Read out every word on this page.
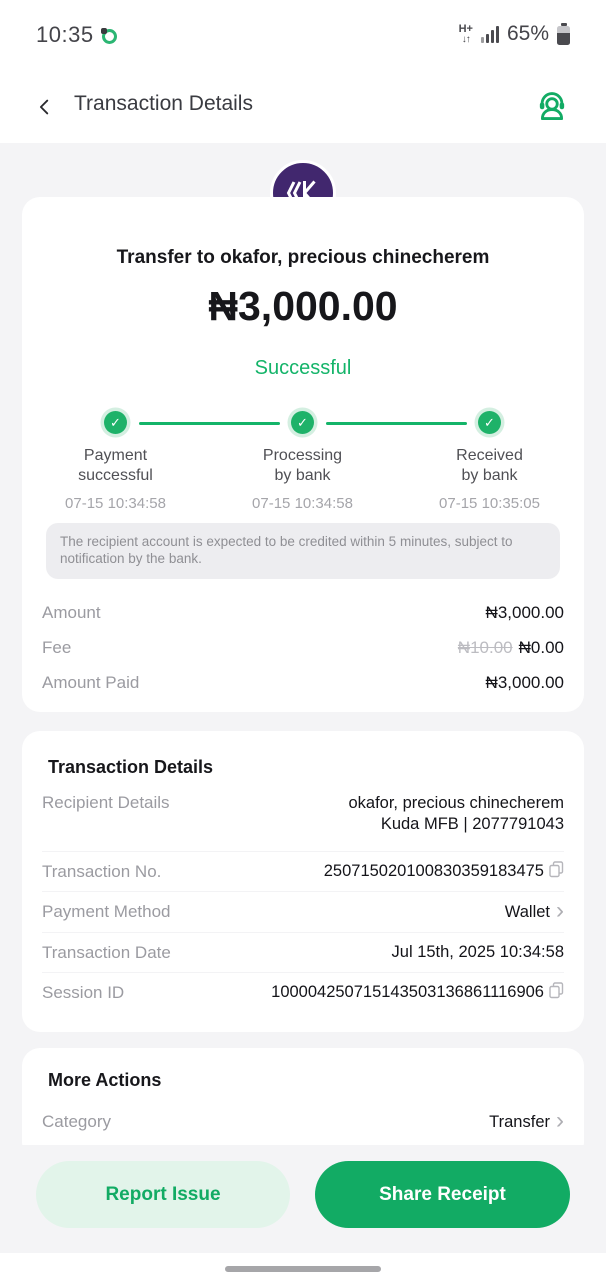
10:35	H+
↓↑ 65%
Transaction Details
Transfer to okafor, precious chinecherem
₦3,000.00
Successful
✓
Payment
successful
07-15 10:34:58
✓
Processing
by bank
07-15 10:34:58
✓
Received
by bank
07-15 10:35:05
The recipient account is expected to be credited within 5 minutes, subject to notification by the bank.
Amount	₦3,000.00
Fee	₦10.00 ₦0.00
Amount Paid	₦3,000.00
Transaction Details
Recipient Details	okafor, precious chinecherem
Kuda MFB | 2077791043
Transaction No.	250715020100830359183475
Payment Method	Wallet ›
Transaction Date	Jul 15th, 2025 10:34:58
Session ID	100004250715143503136861116906
More Actions
Category	Transfer ›
Report Issue	Share Receipt
